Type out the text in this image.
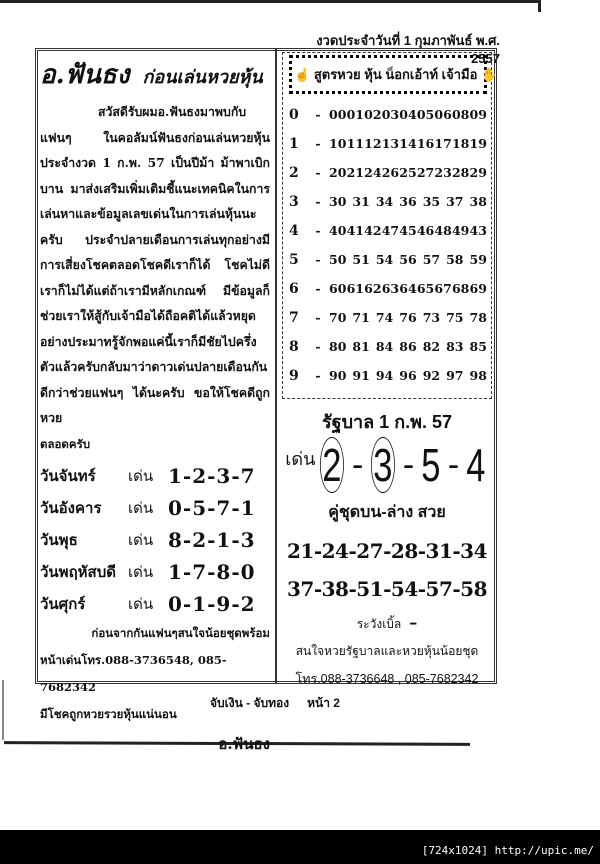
งวดประจำวันที่ 1 กุมภาพันธ์ พ.ศ. 2557
อ.ฟันธง ก่อนเล่นหวยหุ้น
สวัสดีรับผมอ.ฟันธงมาพบกับแฟนๆ ในคอลัมน์ฟันธงก่อนเล่นหวยหุ้นประจำงวด 1 ก.พ. 57 เป็นปีม้า ม้าพาเบิกบาน มาส่งเสริมเพิ่มเติมชี้แนะเทคนิคในการเล่นหาและข้อมูลเลขเด่นในการเล่นหุ้นนะครับ ประจำปลายเดือนการเล่นทุกอย่างมีการเสี่ยงโชคตลอดโชคดีเราก็ได้ โชคไม่ดีเราก็ไม่ได้แต่ถ้าเรามีหลักเกณฑ์ มีข้อมูลก็ช่วยเราให้สู้กับเจ้ามือได้ถือคติได้แล้วหยุดอย่างประมาทรู้จักพอแค่นี้เราก็มีชัยไปครึ่งตัวแล้วครับกลับมาว่าดาวเด่นปลายเดือนกันดีกว่าช่วยแฟนๆ ได้นะครับ ขอให้โชคดีถูกหวย
ตลอดครับ
วันจันทร์	เด่น 1-2-3-7
วันอังคาร	เด่น 0-5-7-1
วันพุธ	เด่น 8-2-1-3
วันพฤหัสบดี เด่น 1-7-8-0
วันศุกร์	เด่น 0-1-9-2
ก่อนจากกันแฟนๆสนใจน้อยชุดพร้อม
หน้าเด่นโทร.088-3736548, 085-7682342
มีโชคถูกหวยรวยหุ้นแน่นอน
อ.ฟันธง
☝ สูตรหวย หุ้น น็อกเอ้าท์ เจ้ามือ ✋
0	- 00 01 02 03 04 05 06 08 09
1	- 10 11 12 13 14 16 17 18 19
2	- 20 21 24 26 25 27 23 28 29
3	- 30 31 34 36 35 37 38
4	- 40 41 42 47 45 46 48 49 43
5	- 50 51 54 56 57 58 59
6	- 60 61 62 63 64 65 67 68 69
7	- 70 71 74 76 73 75 78
8	- 80 81 84 86 82 83 85
9	- 90 91 94 96 92 97 98
รัฐบาล 1 ก.พ. 57
เด่น 2 - 3 - 5 - 4
คู่ชุดบน-ล่าง สวย
21-24-27-28-31-34
37-38-51-54-57-58
ระวังเบิ้ล –
สนใจหวยรัฐบาลและหวยหุ้นน้อยชุด
โทร.088-3736648 , 085-7682342
จับเงิน - จับทอง หน้า 2
[724x1024] http://upic.me/
